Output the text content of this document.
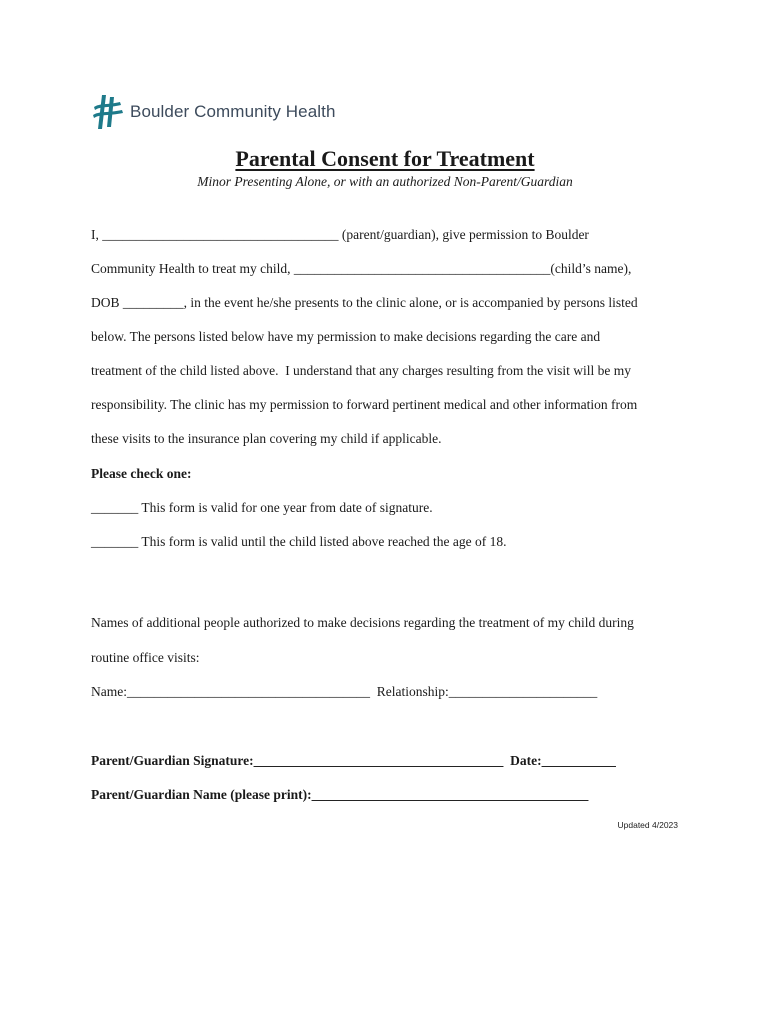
Boulder Community Health
Parental Consent for Treatment
Minor Presenting Alone, or with an authorized Non-Parent/Guardian
I, ___________________________________ (parent/guardian), give permission to Boulder
Community Health to treat my child, ______________________________________(child’s name),
DOB _________, in the event he/she presents to the clinic alone, or is accompanied by persons listed
below. The persons listed below have my permission to make decisions regarding the care and
treatment of the child listed above.  I understand that any charges resulting from the visit will be my
responsibility. The clinic has my permission to forward pertinent medical and other information from
these visits to the insurance plan covering my child if applicable.
Please check one:
_______ This form is valid for one year from date of signature.
_______ This form is valid until the child listed above reached the age of 18.
Names of additional people authorized to make decisions regarding the treatment of my child during
routine office visits:
Name:____________________________________  Relationship:______________________
Parent/Guardian Signature:_____________________________________  Date:___________
Parent/Guardian Name (please print):_________________________________________
Updated 4/2023
